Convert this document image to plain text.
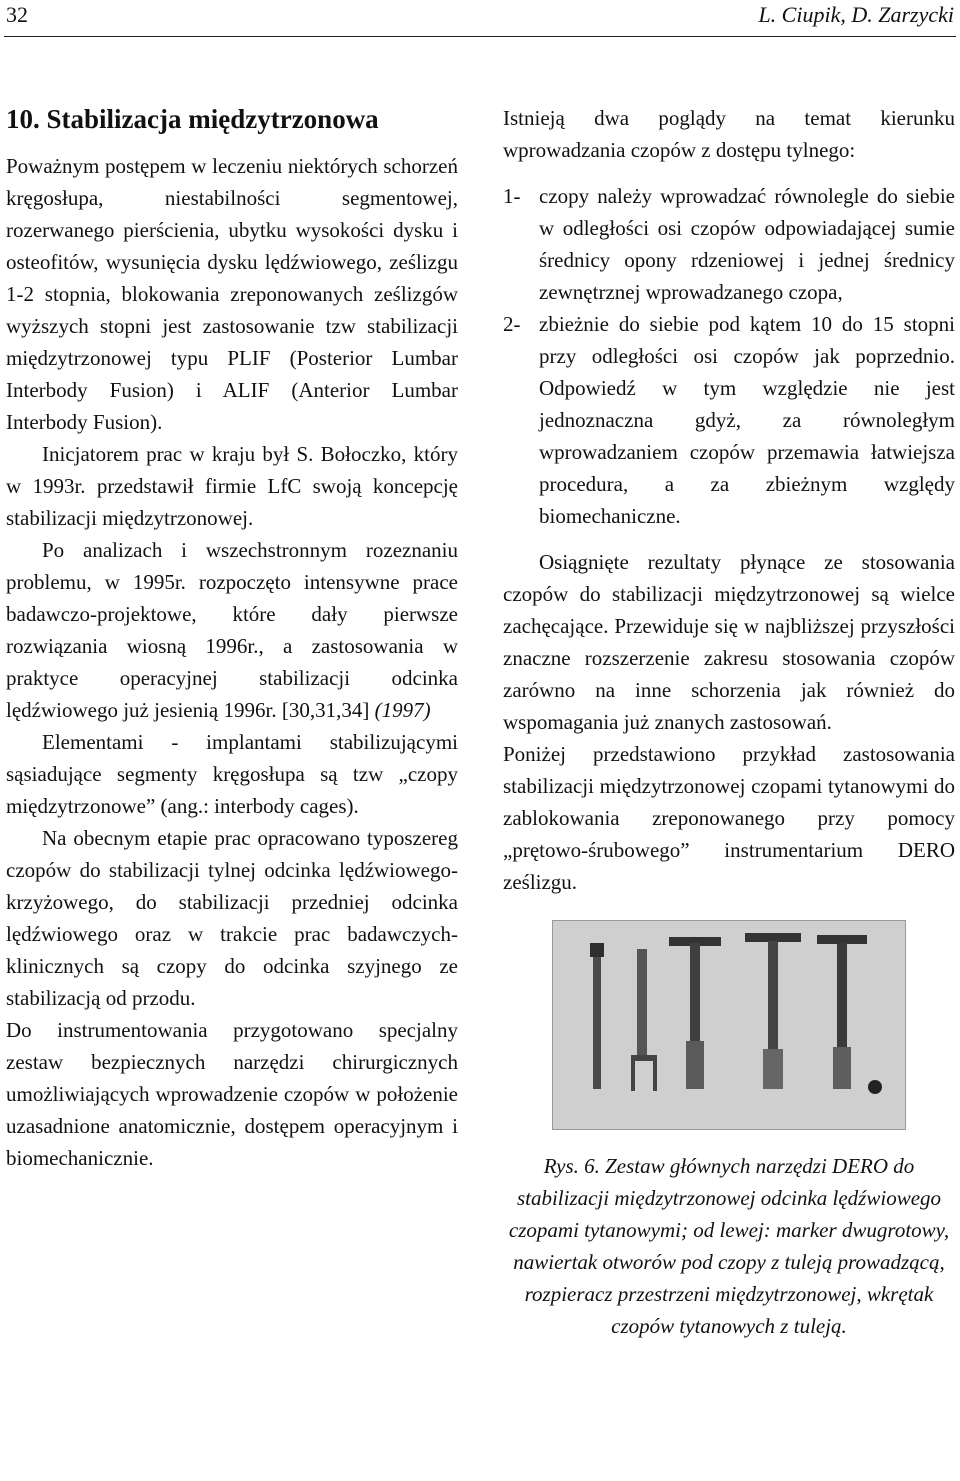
32	L. Ciupik, D. Zarzycki
10. Stabilizacja międzytrzonowa

Poważnym postępem w leczeniu niektórych schorzeń kręgosłupa, niestabilności segmentowej, rozerwanego pierścienia, ubytku wysokości dysku i osteofitów, wysunięcia dysku lędźwiowego, ześlizgu 1-2 stopnia, blokowania zreponowanych ześlizgów wyższych stopni jest zastosowanie tzw stabilizacji międzytrzonowej typu PLIF (Posterior Lumbar Interbody Fusion) i ALIF (Anterior Lumbar Interbody Fusion).

Inicjatorem prac w kraju był S. Bołoczko, który w 1993r. przedstawił firmie LfC swoją koncepcję stabilizacji międzytrzonowej.

Po analizach i wszechstronnym rozeznaniu problemu, w 1995r. rozpoczęto intensywne prace badawczo-projektowe, które dały pierwsze rozwiązania wiosną 1996r., a zastosowania w praktyce operacyjnej stabilizacji odcinka lędźwiowego już jesienią 1996r. [30,31,34] (1997)

Elementami - implantami stabilizującymi sąsiadujące segmenty kręgosłupa są tzw „czopy międzytrzonowe” (ang.: interbody cages).

Na obecnym etapie prac opracowano typoszereg czopów do stabilizacji tylnej odcinka lędźwiowego-krzyżowego, do stabilizacji przedniej odcinka lędźwiowego oraz w trakcie prac badawczych-klinicznych są czopy do odcinka szyjnego ze stabilizacją od przodu.

Do instrumentowania przygotowano specjalny zestaw bezpiecznych narzędzi chirurgicznych umożliwiających wprowadzenie czopów w położenie uzasadnione anatomicznie, dostępem operacyjnym i biomechanicznie.

Istnieją dwa poglądy na temat kierunku wprowadzania czopów z dostępu tylnego:

1- czopy należy wprowadzać równolegle do siebie w odległości osi czopów odpowiadającej sumie średnicy opony rdzeniowej i jednej średnicy zewnętrznej wprowadzanego czopa,
2- zbieżnie do siebie pod kątem 10 do 15 stopni przy odległości osi czopów jak poprzednio. Odpowiedź w tym względzie nie jest jednoznaczna gdyż, za równoległym wprowadzaniem czopów przemawia łatwiejsza procedura, a za zbieżnym względy biomechaniczne.

Osiągnięte rezultaty płynące ze stosowania czopów do stabilizacji międzytrzonowej są wielce zachęcające. Przewiduje się w najbliższej przyszłości znaczne rozszerzenie zakresu stosowania czopów zarówno na inne schorzenia jak również do wspomagania już znanych zastosowań.

Poniżej przedstawiono przykład zastosowania stabilizacji międzytrzonowej czopami tytanowymi do zablokowania zreponowanego przy pomocy „prętowo-śrubowego” instrumentarium DERO ześlizgu.

Rys. 6. Zestaw głównych narzędzi DERO do stabilizacji międzytrzonowej odcinka lędźwiowego czopami tytanowymi; od lewej: marker dwugrotowy, nawiertak otworów pod czopy z tuleją prowadzącą, rozpieracz przestrzeni międzytrzonowej, wkrętak czopów tytanowych z tuleją.
